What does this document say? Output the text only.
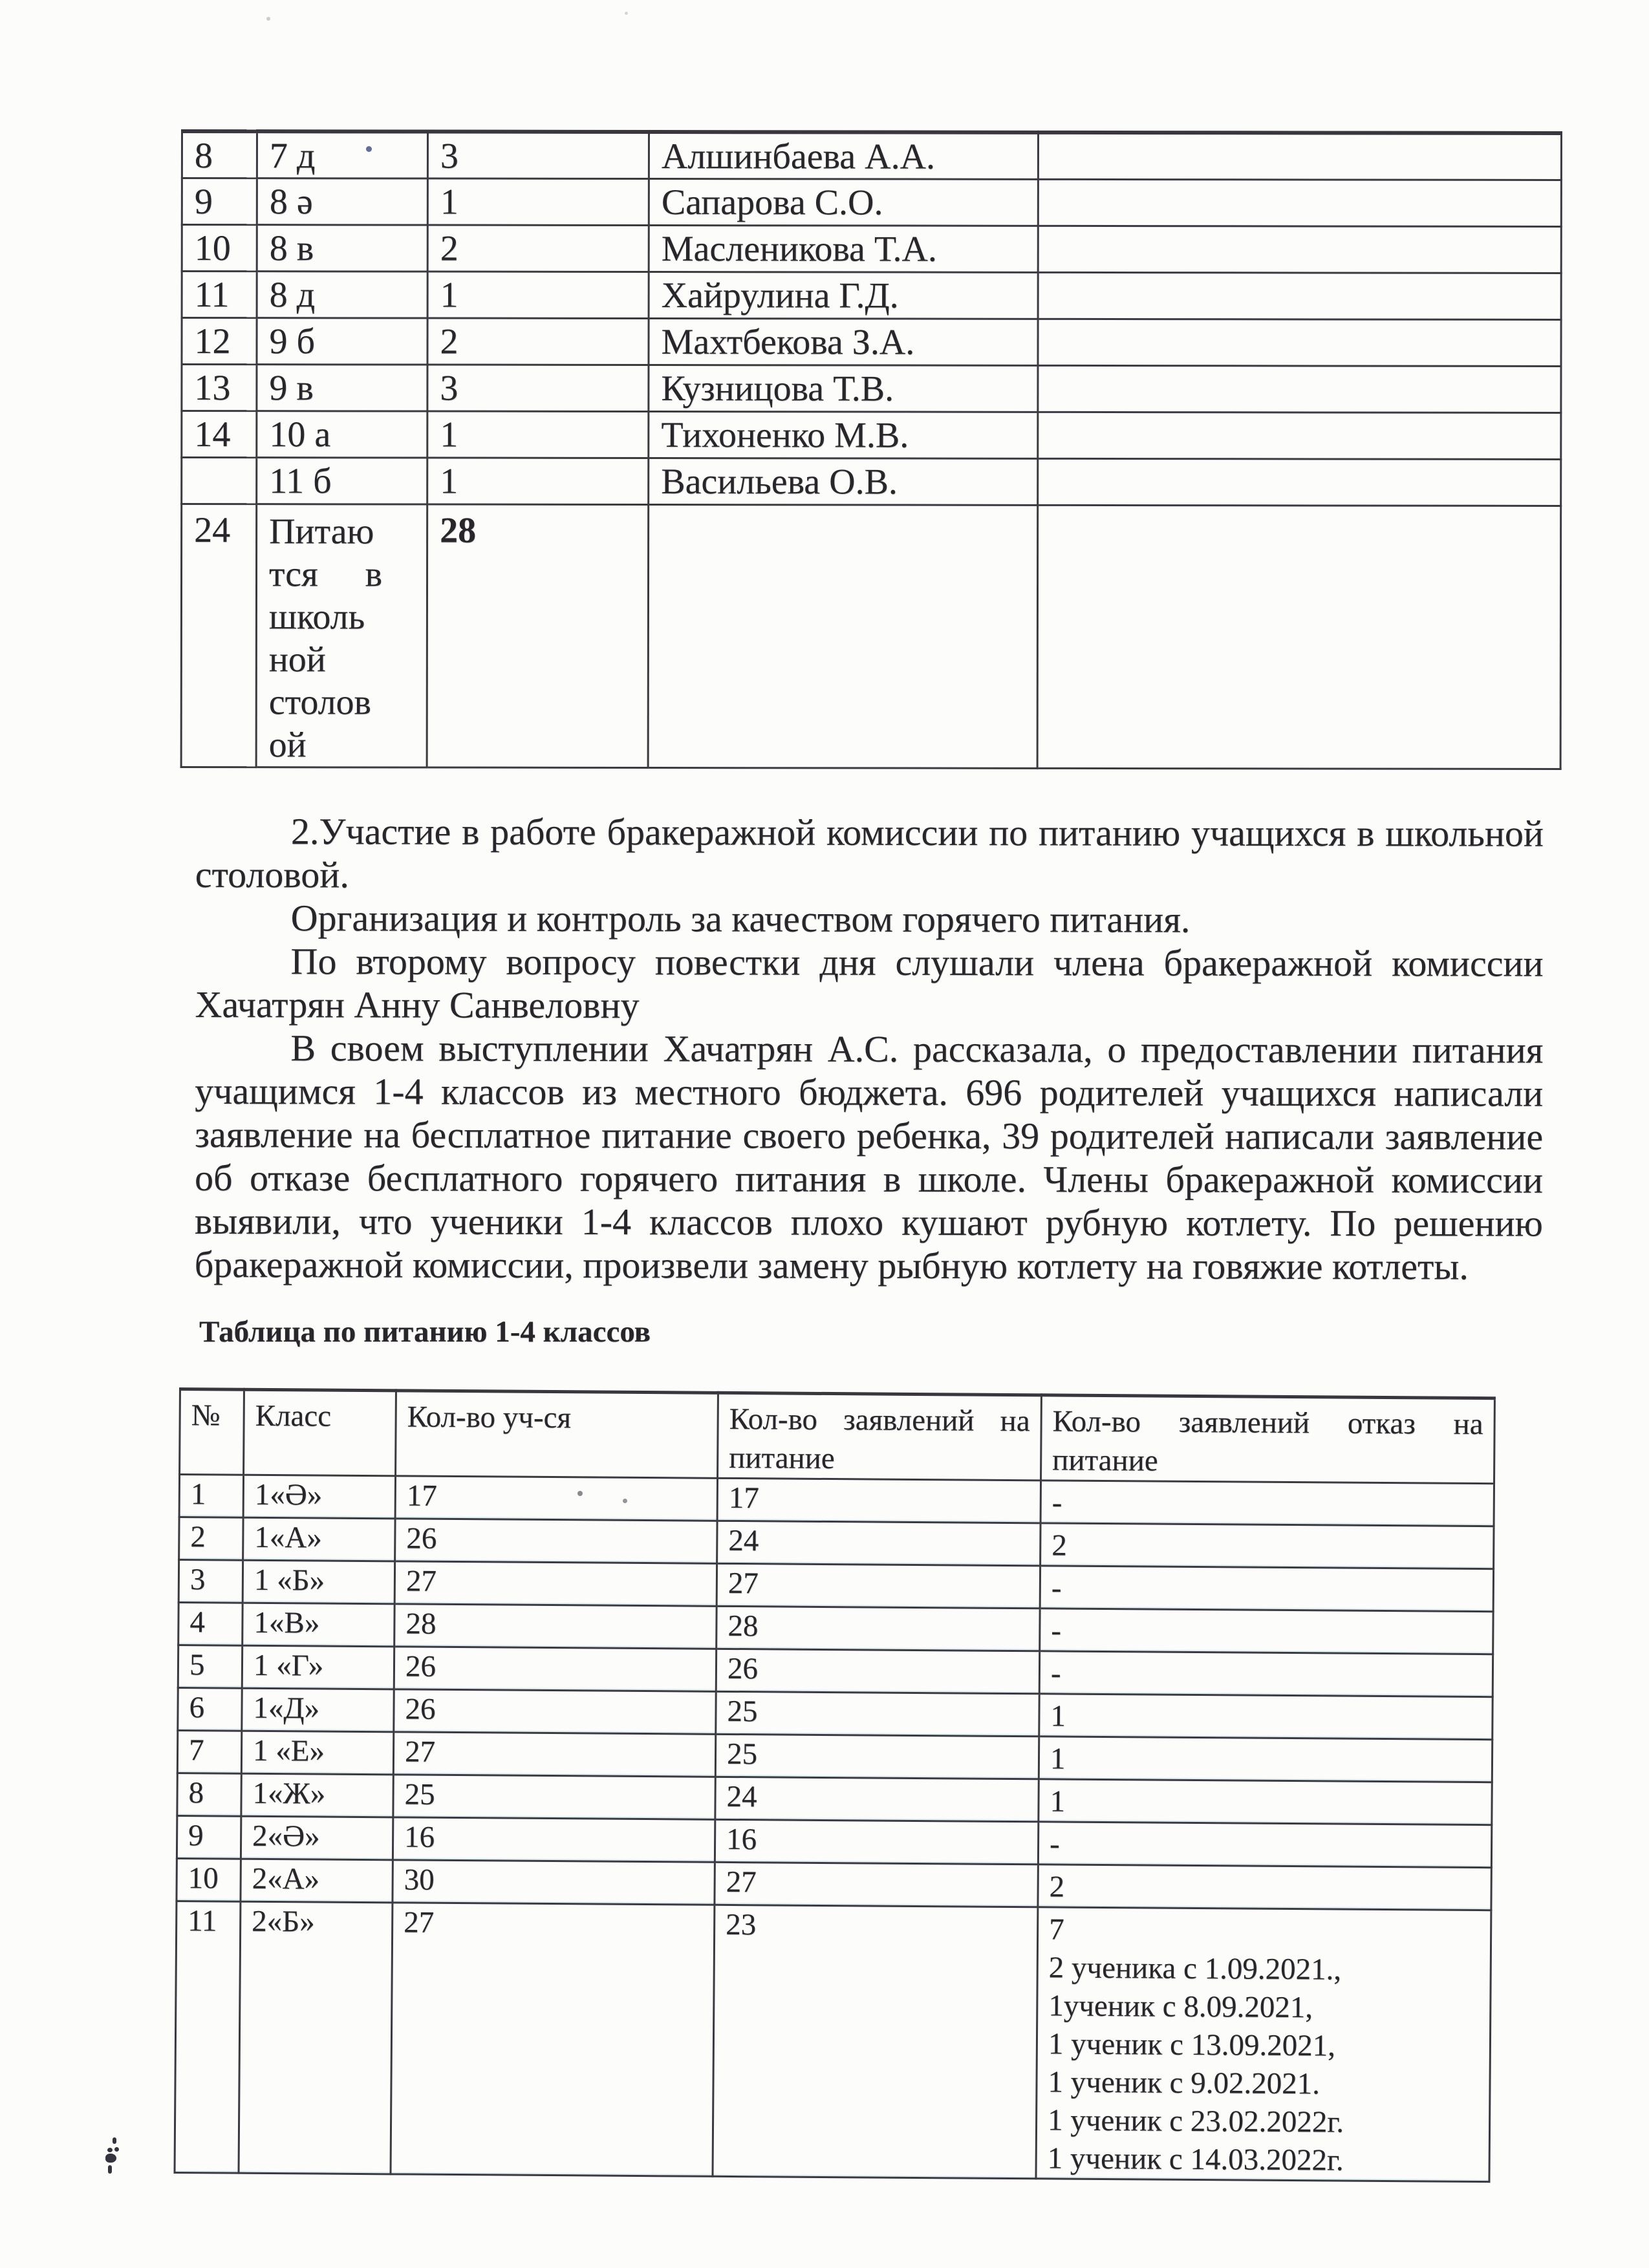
8	7 д	3	Алшинбаева А.А.	
9	8 ә	1	Сапарова С.О.	
10	8 в	2	Масленикова Т.А.	
11	8 д	1	Хайрулина Г.Д.	
12	9 б	2	Махтбекова З.А.	
13	9 в	3	Кузницова Т.В.	
14	10 а	1	Тихоненко М.В.	
	11 б	1	Васильева О.В.	
24	Питаются в школьной столовой	28		

2.Участие в работе бракеражной комиссии по питанию учащихся в школьной столовой.

Организация и контроль за качеством горячего питания.

По второму вопросу повестки дня слушали члена бракеражной комиссии Хачатрян Анну Санвеловну

В своем выступлении Хачатрян А.С. рассказала, о предоставлении питания учащимся 1-4 классов из местного бюджета. 696 родителей учащихся написали заявление на бесплатное питание своего ребенка, 39 родителей написали заявление об отказе бесплатного горячего питания в школе. Члены бракеражной комиссии выявили, что ученики 1-4 классов плохо кушают рубную котлету. По решению бракеражной комиссии, произвели замену рыбную котлету на говяжие котлеты.

Таблица по питанию 1-4 классов
№	Класс	Кол-во уч-ся	Кол-во заявлений на питание	Кол-во заявлений отказ на питание
1	1«Ә»	17	17	-

2	1«А»	26	24	2

3	1 «Б»	27	27	-

4	1«В»	28	28	-

5	1 «Г»	26	26	-

6	1«Д»	26	25	1

7	1 «Е»	27	25	1

8	1«Ж»	25	24	1

9	2«Ә»	16	16	-

10	2«А»	30	27	2

11	2«Б»	27	23	7
2 ученика с 1.09.2021.,
1ученик с 8.09.2021,
1 ученик с 13.09.2021,
1 ученик с 9.02.2021.
1 ученик с 23.02.2022г.
1 ученик с 14.03.2022г.
